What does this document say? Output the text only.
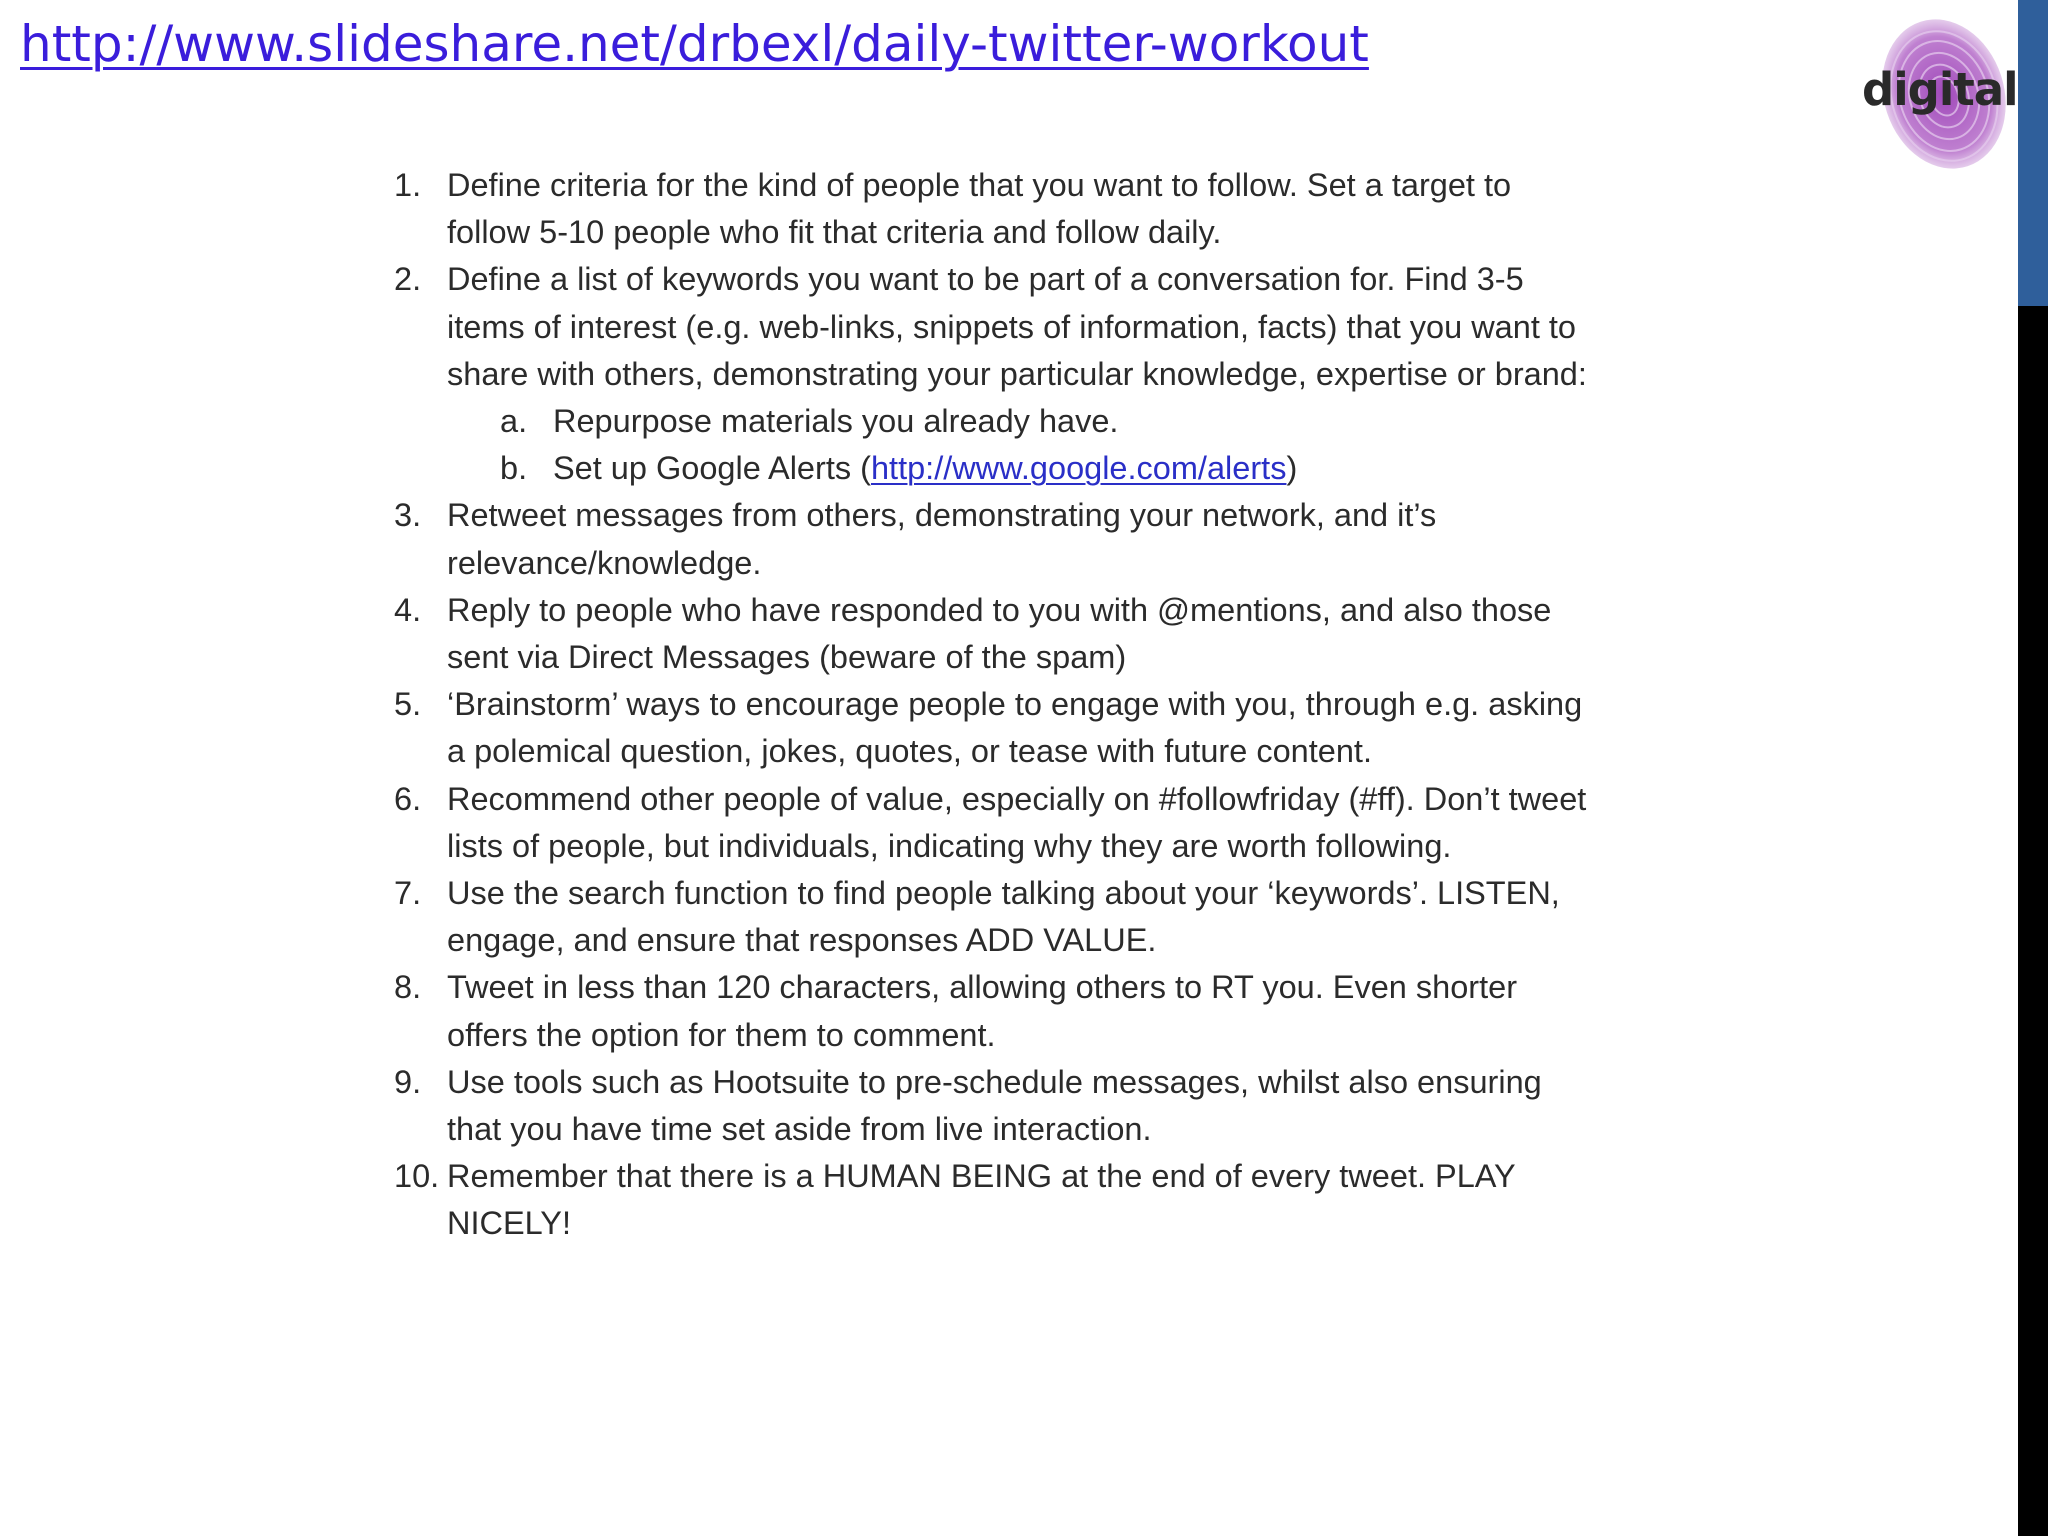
http://www.slideshare.net/drbexl/daily-twitter-workout
digital
1. Define criteria for the kind of people that you want to follow. Set a target to follow 5-10 people who fit that criteria and follow daily.
2. Define a list of keywords you want to be part of a conversation for. Find 3-5 items of interest (e.g. web-links, snippets of information, facts) that you want to share with others, demonstrating your particular knowledge, expertise or brand:
a. Repurpose materials you already have.
b. Set up Google Alerts (http://www.google.com/alerts)
3. Retweet messages from others, demonstrating your network, and it’s relevance/knowledge.
4. Reply to people who have responded to you with @mentions, and also those sent via Direct Messages (beware of the spam)
5. ‘Brainstorm’ ways to encourage people to engage with you, through e.g. asking a polemical question, jokes, quotes, or tease with future content.
6. Recommend other people of value, especially on #followfriday (#ff). Don’t tweet lists of people, but individuals, indicating why they are worth following.
7. Use the search function to find people talking about your ‘keywords’. LISTEN, engage, and ensure that responses ADD VALUE.
8. Tweet in less than 120 characters, allowing others to RT you. Even shorter offers the option for them to comment.
9. Use tools such as Hootsuite to pre-schedule messages, whilst also ensuring that you have time set aside from live interaction.
10. Remember that there is a HUMAN BEING at the end of every tweet. PLAY NICELY!
